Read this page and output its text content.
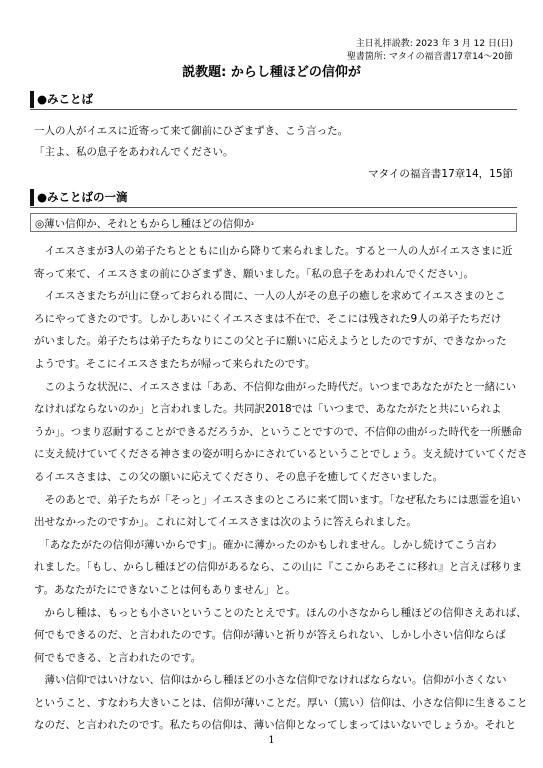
主日礼拝説教: 2023 年 3 月 12 日(日)
聖書箇所: マタイの福音書17章14～20節
説教題: からし種ほどの信仰が
●みことば
一人の人がイエスに近寄って来て御前にひざまずき、こう言った。
「主よ、私の息子をあわれんでください。
マタイの福音書17章14，15節
●みことばの一滴
◎薄い信仰か、それともからし種ほどの信仰か
　イエスさまが3人の弟子たちとともに山から降りて来られました。すると一人の人がイエスさまに近
寄って来て、イエスさまの前にひざまずき、願いました。「私の息子をあわれんでください」。
　イエスさまたちが山に登っておられる間に、一人の人がその息子の癒しを求めてイエスさまのとこ
ろにやってきたのです。しかしあいにくイエスさまは不在で、そこには残された9人の弟子たちだけ
がいました。弟子たちは弟子たちなりにこの父と子に願いに応えようとしたのですが、できなかった
ようです。そこにイエスさまたちが帰って来られたのです。
　このような状況に、イエスさまは「ああ、不信仰な曲がった時代だ。いつまであなたがたと一緒にい
なければならないのか」と言われました。共同訳2018では「いつまで、あなたがたと共にいられよ
うか」。つまり忍耐することができるだろうか、ということですので、不信仰の曲がった時代を一所懸命
に支え続けていてくださる神さまの姿が明らかにされているということでしょう。支え続けていてくださ
るイエスさまは、この父の願いに応えてくださり、その息子を癒してくださいました。
　そのあとで、弟子たちが「そっと」イエスさまのところに来て問います。「なぜ私たちには悪霊を追い
出せなかったのですか」。これに対してイエスさまは次のように答えられました。
　「あなたがたの信仰が薄いからです」。確かに薄かったのかもしれません。しかし続けてこう言わ
れました。「もし、からし種ほどの信仰があるなら、この山に『ここからあそこに移れ』と言えば移りま
す。あなたがたにできないことは何もありません」と。
　からし種は、もっとも小さいということのたとえです。ほんの小さなからし種ほどの信仰さえあれば、
何でもできるのだ、と言われたのです。信仰が薄いと祈りが答えられない、しかし小さい信仰ならば
何でもできる、と言われたのです。
　薄い信仰ではいけない、信仰はからし種ほどの小さな信仰でなければならない。信仰が小さくない
ということ、すなわち大きいことは、信仰が薄いことだ。厚い（篤い）信仰は、小さな信仰に生きること
なのだ、と言われたのです。私たちの信仰は、薄い信仰となってしまってはいないでしょうか。それと
1
